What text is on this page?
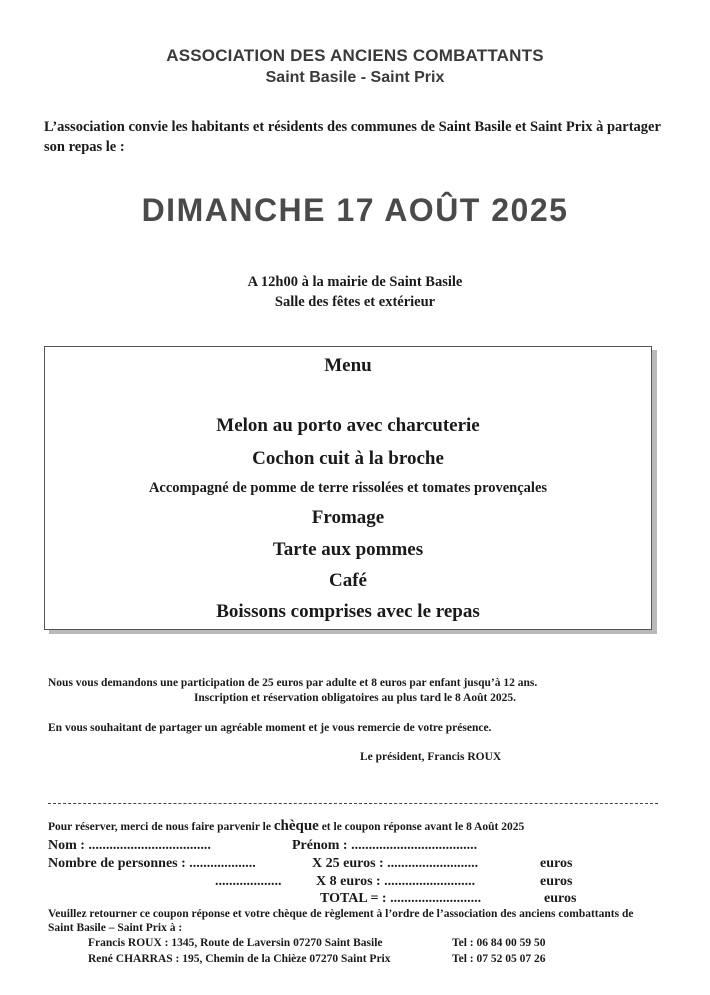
ASSOCIATION DES ANCIENS COMBATTANTS
Saint Basile - Saint Prix
L’association convie les habitants et résidents des communes de Saint Basile et Saint Prix à partager son repas le :
DIMANCHE 17 AOÛT 2025
A 12h00 à la mairie de Saint Basile
Salle des fêtes et extérieur
Menu
Melon au porto avec charcuterie
Cochon cuit à la broche
Accompagné de pomme de terre rissolées et tomates provençales
Fromage
Tarte aux pommes
Café
Boissons comprises avec le repas
Nous vous demandons une participation de 25 euros par adulte et 8 euros par enfant jusqu’à 12 ans.
Inscription et réservation obligatoires au plus tard le 8 Août 2025.
En vous souhaitant de partager un agréable moment et je vous remercie de votre présence.
Le président, Francis ROUX
Pour réserver, merci de nous faire parvenir le chèque et le coupon réponse avant le 8 Août 2025
Nom : ...................................	Prénom : ....................................
Nombre de personnes : ...................	X 25 euros : ..........................	euros
................... X 8 euros : ..........................	euros
TOTAL = : ..........................	euros
Veuillez retourner ce coupon réponse et votre chèque de règlement à l’ordre de l’association des anciens combattants de Saint Basile – Saint Prix à :
Francis ROUX : 1345, Route de Laversin 07270 Saint Basile	Tel : 06 84 00 59 50
René CHARRAS : 195, Chemin de la Chièze 07270 Saint Prix	Tel : 07 52 05 07 26
